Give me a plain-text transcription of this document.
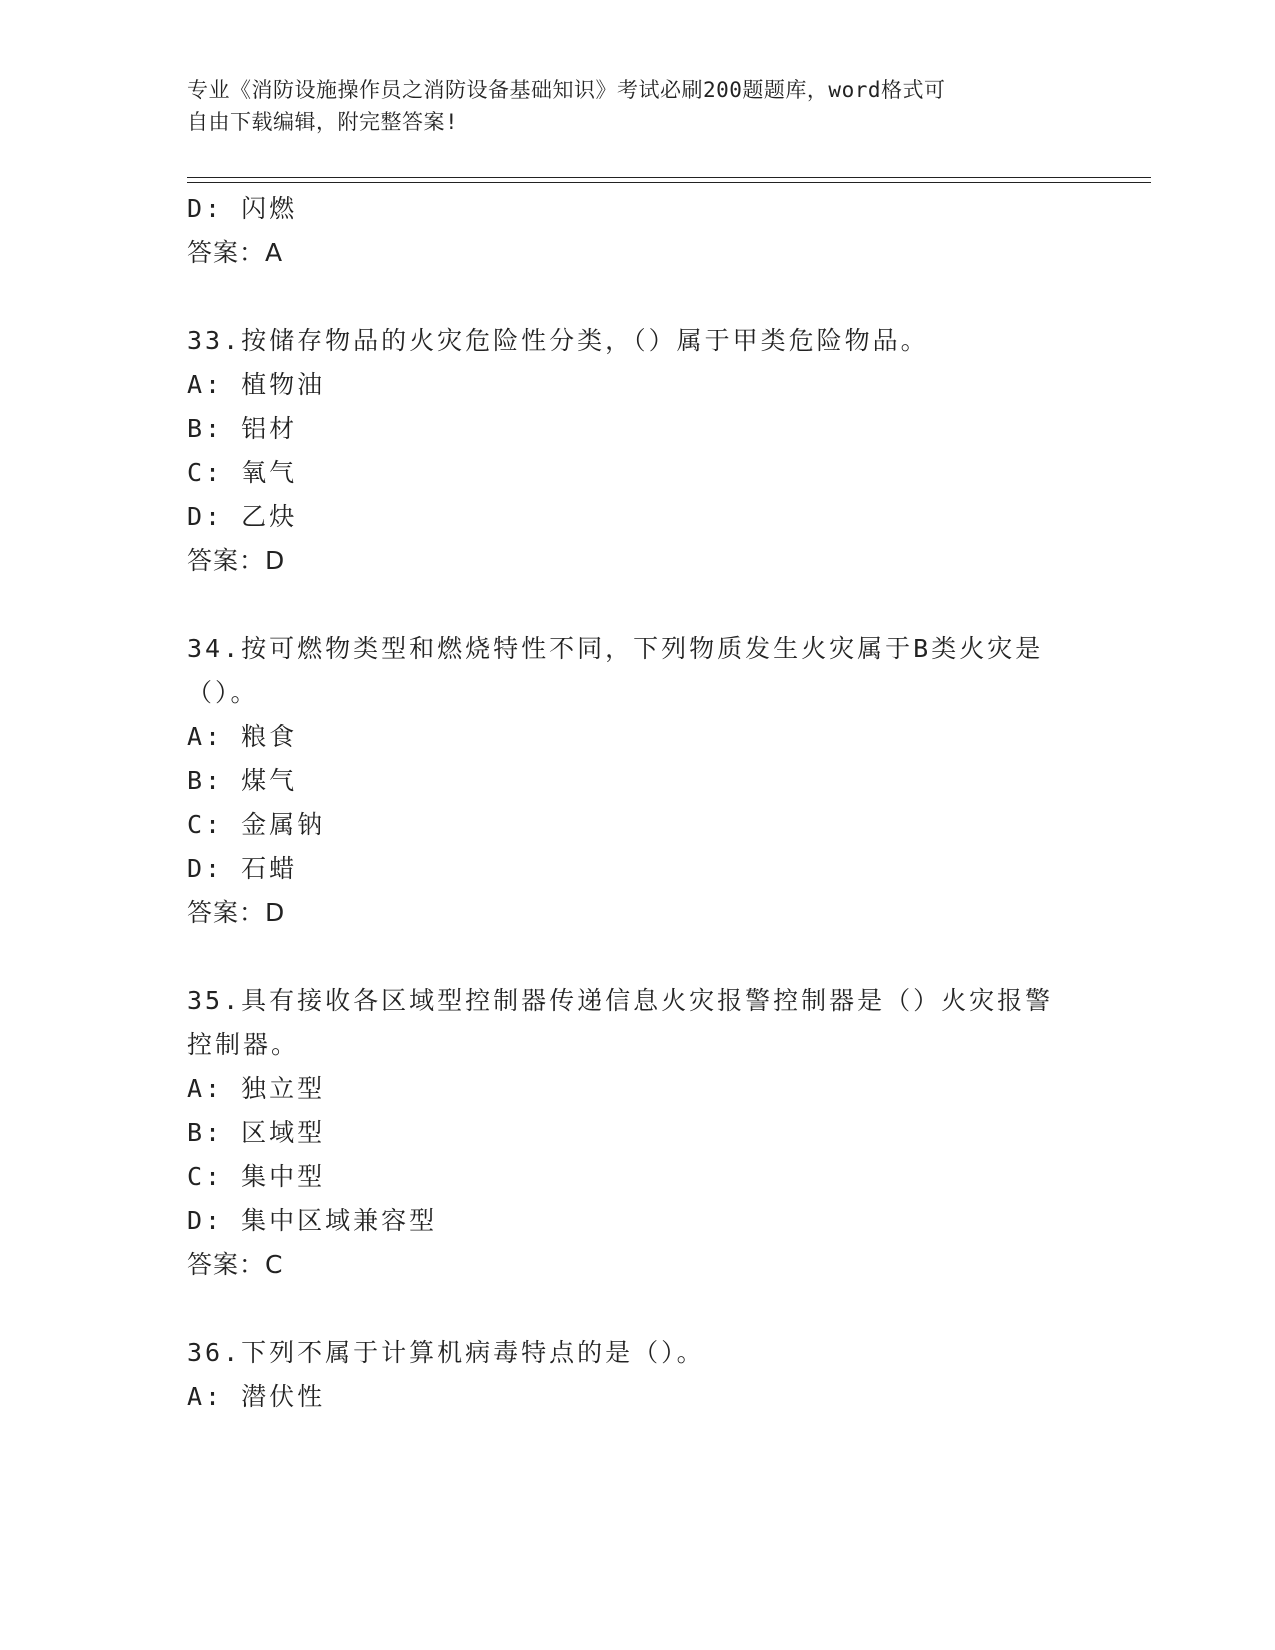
专业《消防设施操作员之消防设备基础知识》考试必刷200题题库，word格式可
自由下载编辑，附完整答案!
D: 闪燃
答案：A
33.按储存物品的火灾危险性分类，（）属于甲类危险物品。
A: 植物油
B: 铝材
C: 氧气
D: 乙炔
答案：D
34.按可燃物类型和燃烧特性不同，下列物质发生火灾属于B类火灾是
（）。
A: 粮食
B: 煤气
C: 金属钠
D: 石蜡
答案：D
35.具有接收各区域型控制器传递信息火灾报警控制器是（）火灾报警
控制器。
A: 独立型
B: 区域型
C: 集中型
D: 集中区域兼容型
答案：C
36.下列不属于计算机病毒特点的是（）。
A: 潜伏性
